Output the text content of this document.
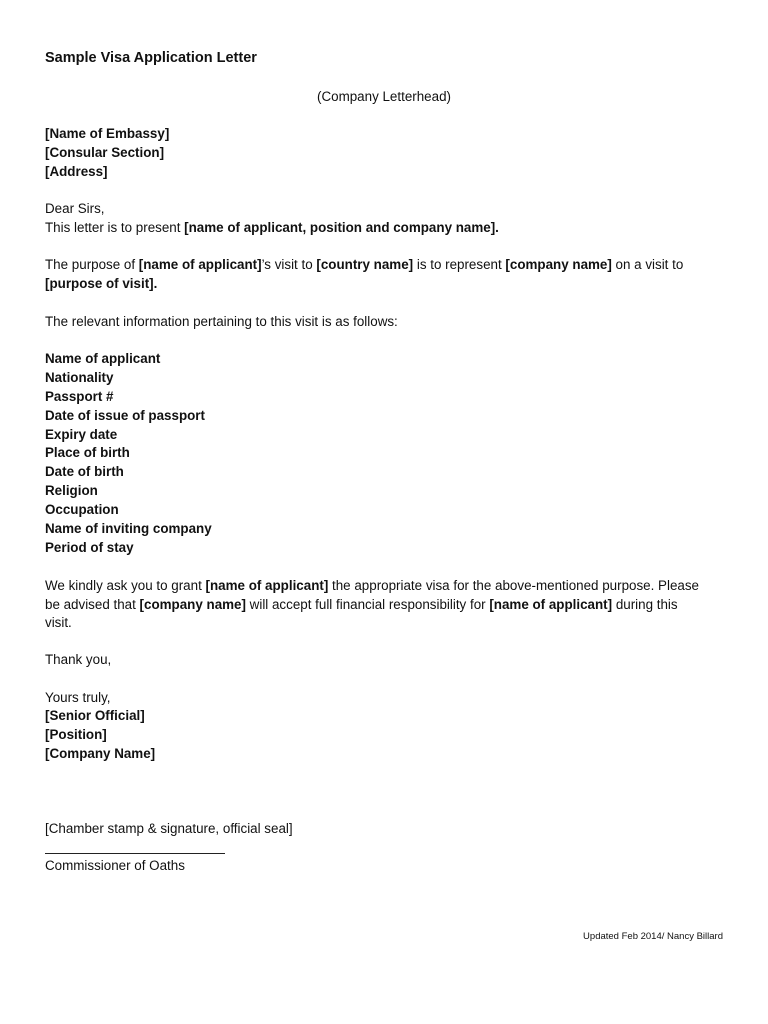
Sample Visa Application Letter
(Company Letterhead)
[Name of Embassy]
[Consular Section]
[Address]
Dear Sirs,
This letter is to present [name of applicant, position and company name].
The purpose of [name of applicant]’s visit to [country name] is to represent [company name] on a visit to
[purpose of visit].
The relevant information pertaining to this visit is as follows:
Name of applicant
Nationality
Passport #
Date of issue of passport
Expiry date
Place of birth
Date of birth
Religion
Occupation
Name of inviting company
Period of stay
We kindly ask you to grant [name of applicant] the appropriate visa for the above-mentioned purpose. Please
be advised that [company name] will accept full financial responsibility for [name of applicant] during this
visit.
Thank you,
Yours truly,
[Senior Official]
[Position]
[Company Name]
[Chamber stamp & signature, official seal]
Commissioner of Oaths
Updated Feb 2014/ Nancy Billard
